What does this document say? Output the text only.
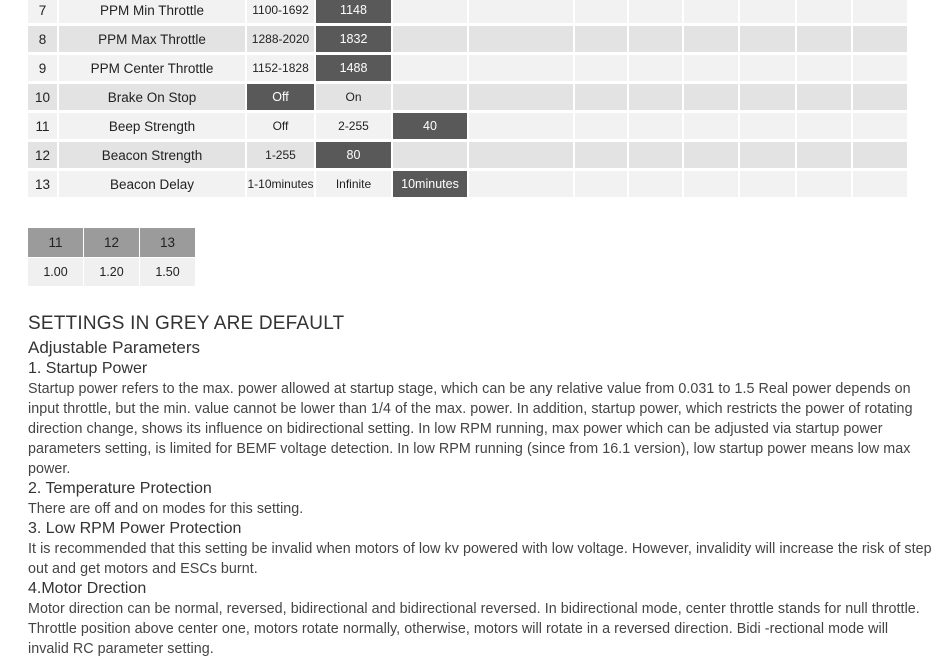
7	PPM Min Throttle	1100-1692	1148								
8	PPM Max Throttle	1288-2020	1832								
9	PPM Center Throttle	1152-1828	1488								
10	Brake On Stop	Off	On								
11	Beep Strength	Off	2-255	40							
12	Beacon Strength	1-255	80								
13	Beacon Delay	1-10minutes	Infinite	10minutes							
11	12	13
1.00	1.20	1.50
SETTINGS IN GREY ARE DEFAULT
Adjustable Parameters
1. Startup Power

Startup power refers to the max. power allowed at startup stage, which can be any relative value from 0.031 to 1.5 Real power depends on input throttle, but the min. value cannot be lower than 1/4 of the max. power. In addition, startup power, which restricts the power of rotating direction change, shows its influence on bidirectional setting. In low RPM running, max power which can be adjusted via startup power parameters setting, is limited for BEMF voltage detection. In low RPM running (since from 16.1 version), low startup power means low max power.

2. Temperature Protection

There are off and on modes for this setting.

3. Low RPM Power Protection

It is recommended that this setting be invalid when motors of low kv powered with low voltage. However, invalidity will increase the risk of step out and get motors and ESCs burnt.

4.Motor Drection

Motor direction can be normal, reversed, bidirectional and bidirectional reversed. In bidirectional mode, center throttle stands for null throttle. Throttle position above center one, motors rotate normally, otherwise, motors will rotate in a reversed direction. Bidi -rectional mode will invalid RC parameter setting.
